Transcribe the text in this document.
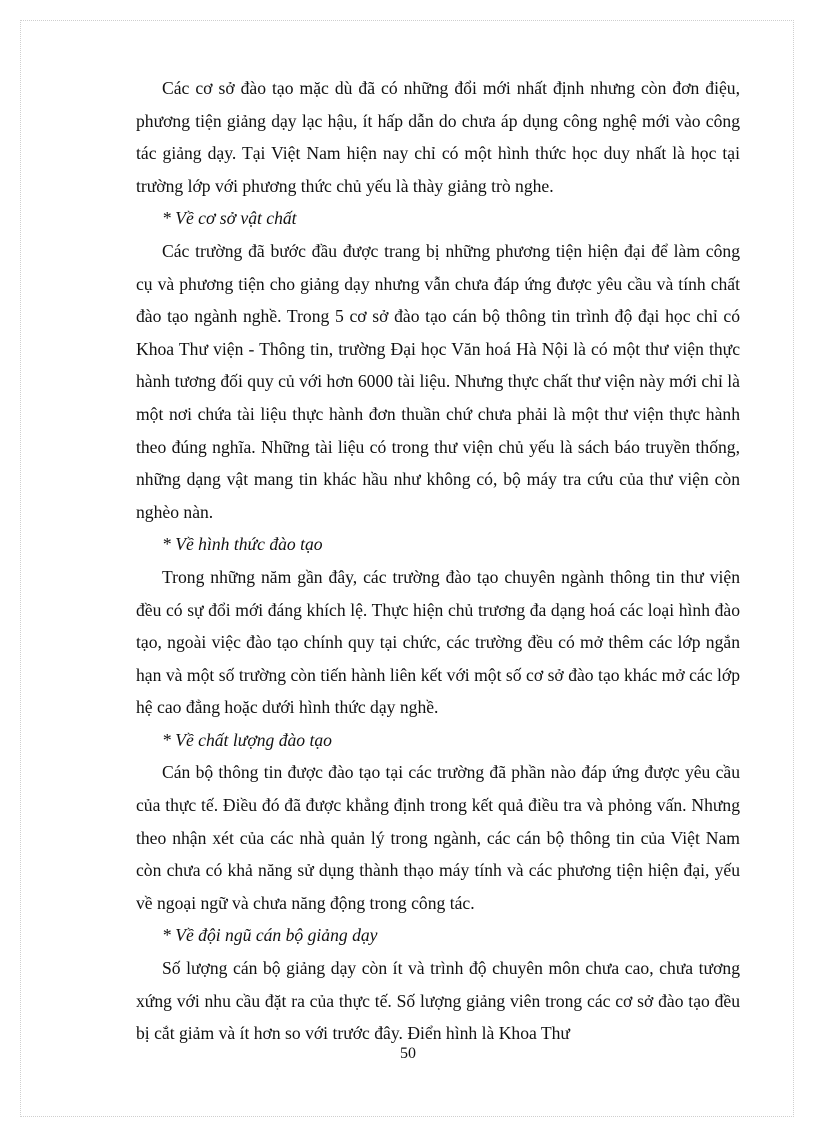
Các cơ sở đào tạo mặc dù đã có những đổi mới nhất định nhưng còn đơn điệu, phương tiện giảng dạy lạc hậu, ít hấp dẫn do chưa áp dụng công nghệ mới vào công tác giảng dạy. Tại Việt Nam hiện nay chỉ có một hình thức học duy nhất là học tại trường lớp với phương thức chủ yếu là thày giảng trò nghe.

* Về cơ sở vật chất

Các trường đã bước đầu được trang bị những phương tiện hiện đại để làm công cụ và phương tiện cho giảng dạy nhưng vẫn chưa đáp ứng được yêu cầu và tính chất đào tạo ngành nghề. Trong 5 cơ sở đào tạo cán bộ thông tin trình độ đại học chỉ có Khoa Thư viện - Thông tin, trường Đại học Văn hoá Hà Nội là có một thư viện thực hành tương đối quy củ với hơn 6000 tài liệu. Nhưng thực chất thư viện này mới chỉ là một nơi chứa tài liệu thực hành đơn thuần chứ chưa phải là một thư viện thực hành theo đúng nghĩa. Những tài liệu có trong thư viện chủ yếu là sách báo truyền thống, những dạng vật mang tin khác hầu như không có, bộ máy tra cứu của thư viện còn nghèo nàn.

* Về hình thức đào tạo

Trong những năm gần đây, các trường đào tạo chuyên ngành thông tin thư viện đều có sự đổi mới đáng khích lệ. Thực hiện chủ trương đa dạng hoá các loại hình đào tạo, ngoài việc đào tạo chính quy tại chức, các trường đều có mở thêm các lớp ngắn hạn và một số trường còn tiến hành liên kết với một số cơ sở đào tạo khác mở các lớp hệ cao đẳng hoặc dưới hình thức dạy nghề.

* Về chất lượng đào tạo

Cán bộ thông tin được đào tạo tại các trường đã phần nào đáp ứng được yêu cầu của thực tế. Điều đó đã được khẳng định trong kết quả điều tra và phỏng vấn. Nhưng theo nhận xét của các nhà quản lý trong ngành, các cán bộ thông tin của Việt Nam còn chưa có khả năng sử dụng thành thạo máy tính và các phương tiện hiện đại, yếu về ngoại ngữ và chưa năng động trong công tác.

* Về đội ngũ cán bộ giảng dạy

Số lượng cán bộ giảng dạy còn ít và trình độ chuyên môn chưa cao, chưa tương xứng với nhu cầu đặt ra của thực tế. Số lượng giảng viên trong các cơ sở đào tạo đều bị cắt giảm và ít hơn so với trước đây. Điển hình là Khoa Thư

50
